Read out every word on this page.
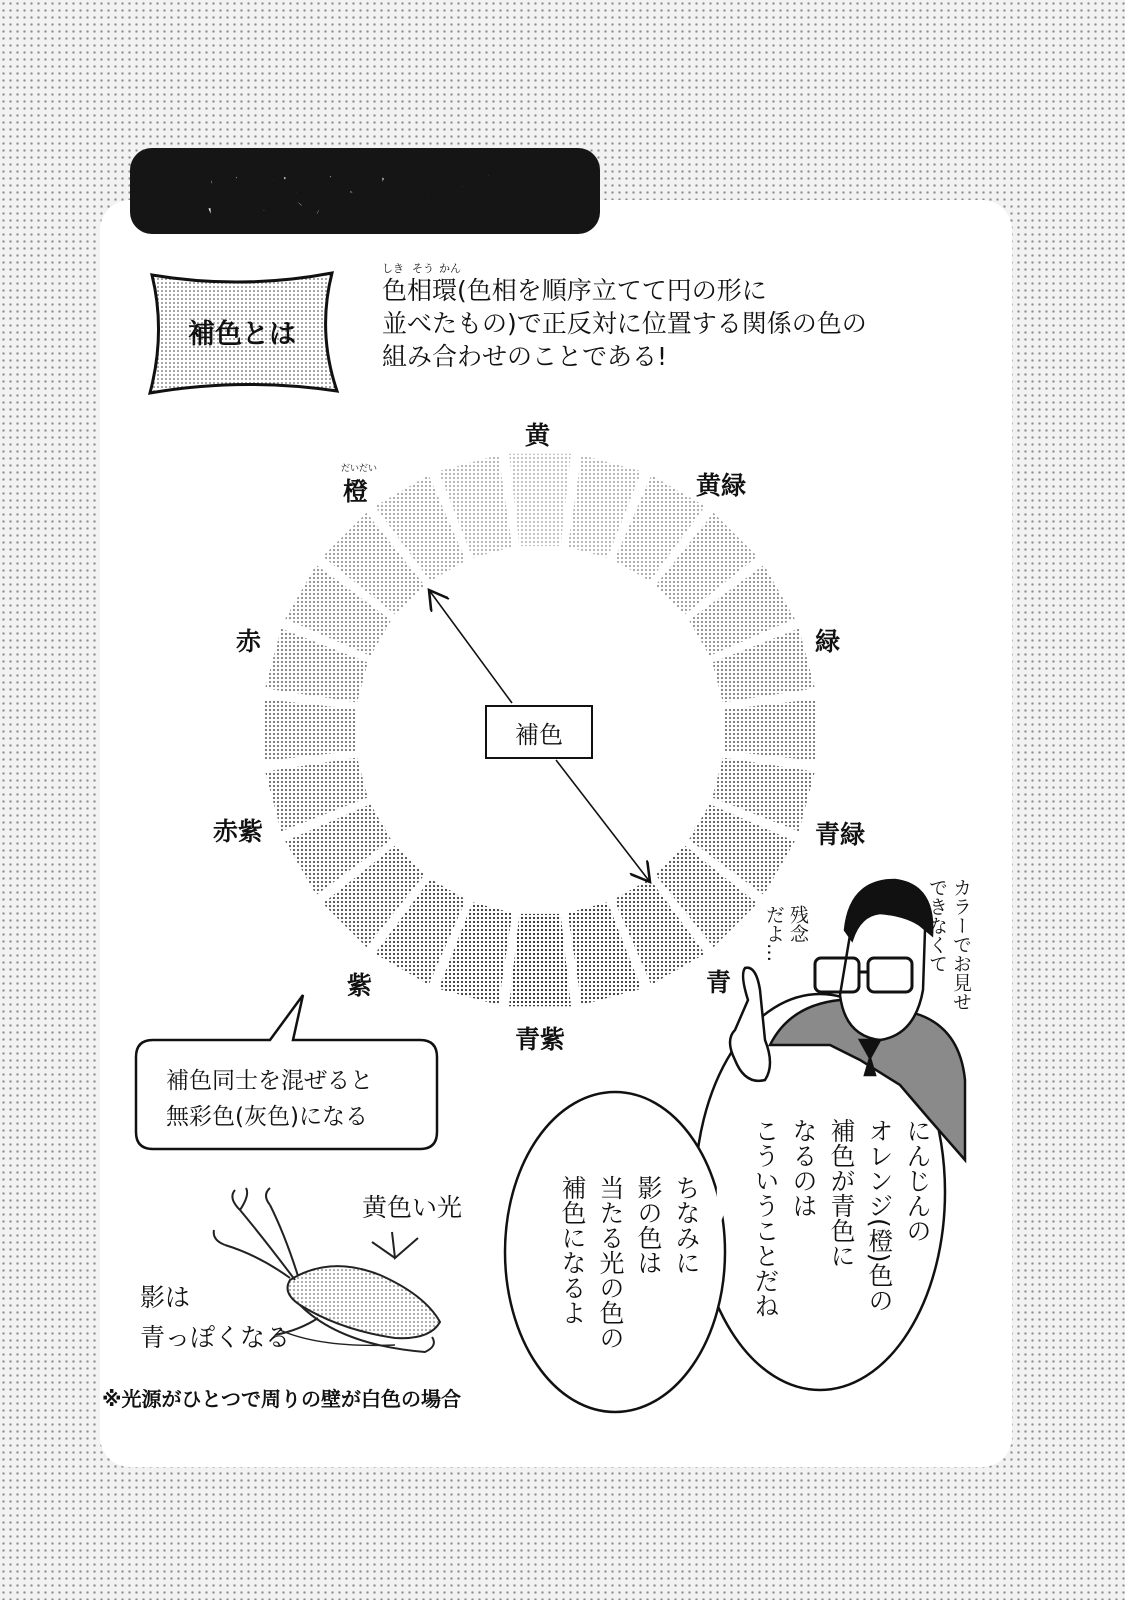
はみだし解説
補色とは
しき そう かん
色相環(色相を順序立てて円の形に
並べたもの)で正反対に位置する関係の色の
組み合わせのことである!
黄
黄緑
緑
青緑
青
青紫
紫
赤紫
赤
だいだい
橙
補色
補色同士を混ぜると
無彩色(灰色)になる
にんじんの
オレンジ(橙)色の
補色が青色に
なるのは
こういうことだね
ちなみに
影の色は
当たる光の色の
補色になるよ
残念
だよ…	カラーでお見せ
できなくて
黄色い光
影は
青っぽくなる
※光源がひとつで周りの壁が白色の場合
